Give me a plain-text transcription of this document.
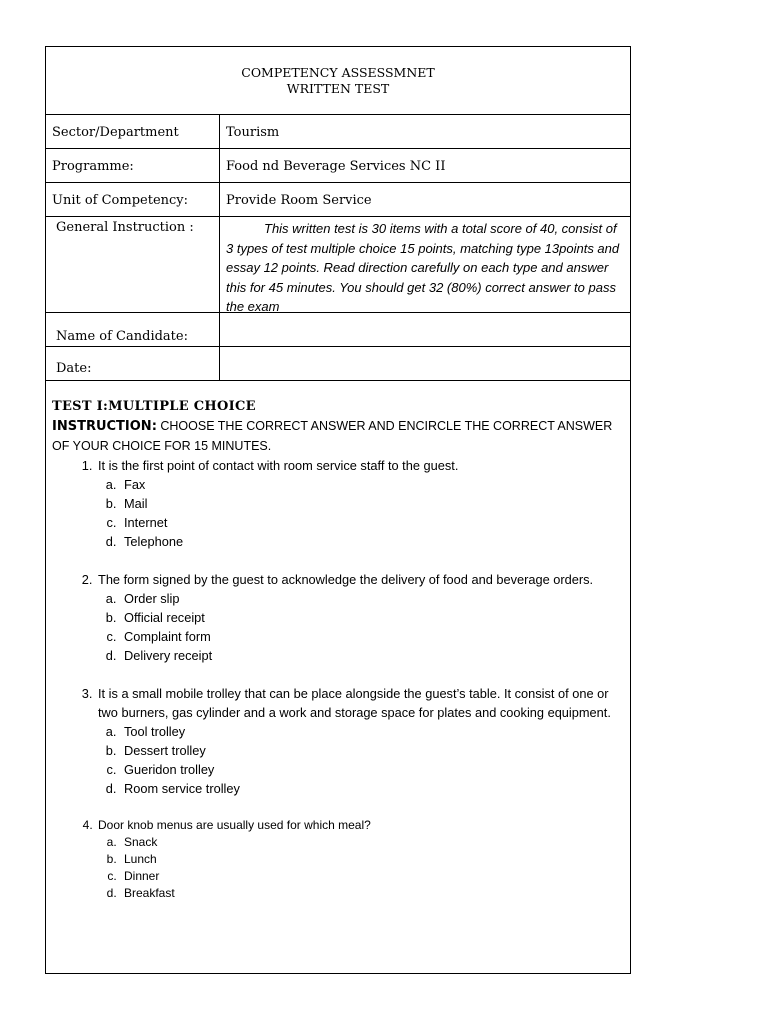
COMPETENCY ASSESSMNET
WRITTEN TEST
Sector/Department	Tourism
Programme:	Food nd Beverage Services NC II
Unit of Competency:	Provide Room Service
General Instruction :	This written test is 30 items with a total score of 40, consist of 3 types of test multiple choice 15 points, matching type 13points and essay 12 points. Read direction carefully on each type and answer this for 45 minutes. You should get 32 (80%) correct answer to pass the exam
Name of Candidate:
Date:
TEST I:MULTIPLE CHOICE
INSTRUCTION: CHOOSE THE CORRECT ANSWER AND ENCIRCLE THE CORRECT ANSWER OF YOUR CHOICE FOR 15 MINUTES.
1. It is the first point of contact with room service staff to the guest.
a. Fax
b. Mail
c. Internet
d. Telephone
2. The form signed by the guest to acknowledge the delivery of food and beverage orders.
a. Order slip
b. Official receipt
c. Complaint form
d. Delivery receipt
3. It is a small mobile trolley that can be place alongside the guest’s table. It consist of one or two burners, gas cylinder and a work and storage space for plates and cooking equipment.
a. Tool trolley
b. Dessert trolley
c. Gueridon trolley
d. Room service trolley
4. Door knob menus are usually used for which meal?
a. Snack
b. Lunch
c. Dinner
d. Breakfast
